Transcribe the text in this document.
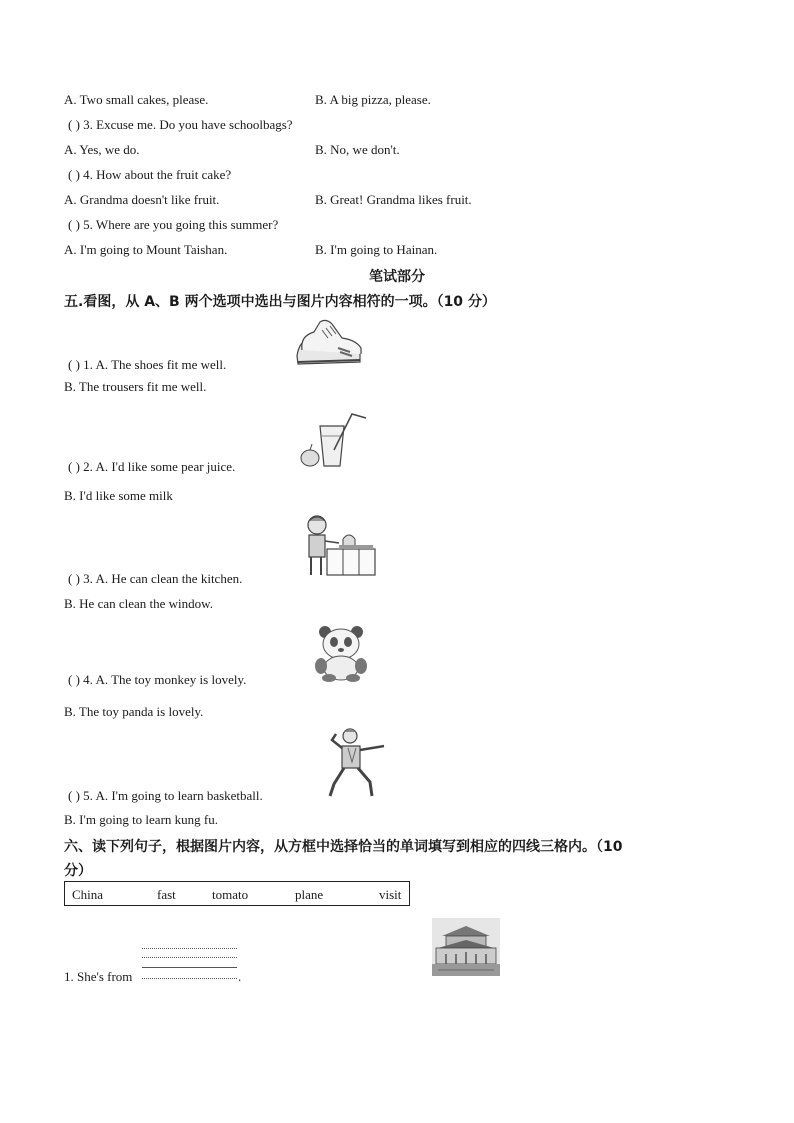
A. Two small cakes, please.	B. A big pizza, please.
( ) 3. Excuse me. Do you have schoolbags?
A. Yes, we do.	B. No, we don't.
( ) 4. How about the fruit cake?
A. Grandma doesn't like fruit.	B. Great! Grandma likes fruit.
( ) 5. Where are you going this summer?
A. I'm going to Mount Taishan.	B. I'm going to Hainan.
笔试部分
五.看图，从 A、B 两个选项中选出与图片内容相符的一项。（10 分）
( ) 1. A. The shoes fit me well.
B. The trousers fit me well.
( ) 2. A. I'd like some pear juice.
B. I'd like some milk
( ) 3. A. He can clean the kitchen.
B. He can clean the window.
( ) 4. A. The toy monkey is lovely.
B. The toy panda is lovely.
( ) 5. A. I'm going to learn basketball.
B. I'm going to learn kung fu.
六、读下列句子，根据图片内容，从方框中选择恰当的单词填写到相应的四线三格内。（10
分）
China	fast	tomato	plane	visit
1. She's from	.
